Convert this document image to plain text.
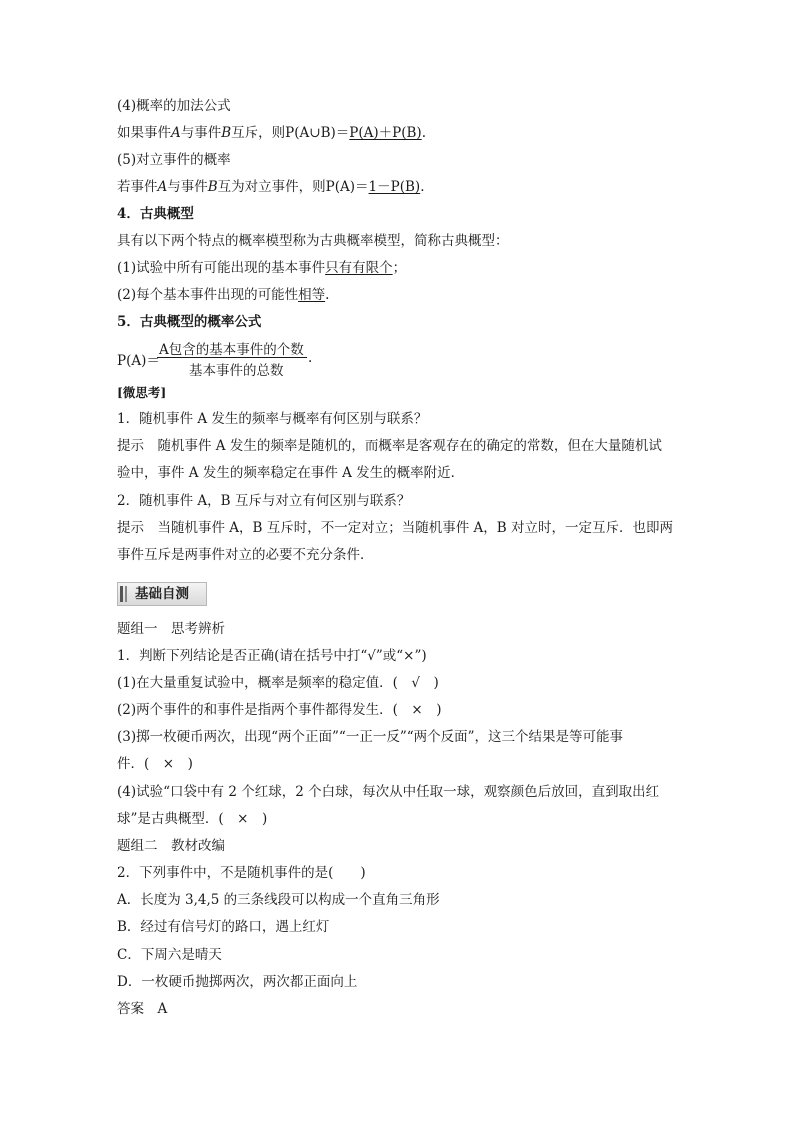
(4)概率的加法公式
如果事件A与事件B互斥，则P(A∪B)＝P(A)＋P(B).
(5)对立事件的概率
若事件A与事件B互为对立事件，则P(A)＝1－P(B).
4．古典概型
具有以下两个特点的概率模型称为古典概率模型，简称古典概型：
(1)试验中所有可能出现的基本事件只有有限个；
(2)每个基本事件出现的可能性相等.
5．古典概型的概率公式
P(A)＝
A包含的基本事件的个数
基本事件的总数
.
[微思考]
1．随机事件 A 发生的频率与概率有何区别与联系？
提示　随机事件 A 发生的频率是随机的，而概率是客观存在的确定的常数，但在大量随机试
验中，事件 A 发生的频率稳定在事件 A 发生的概率附近．
2．随机事件 A，B 互斥与对立有何区别与联系？
提示　当随机事件 A，B 互斥时，不一定对立；当随机事件 A，B 对立时，一定互斥．也即两
事件互斥是两事件对立的必要不充分条件．
基础自测
题组一　思考辨析
1．判断下列结论是否正确(请在括号中打“√”或“×”)
(1)在大量重复试验中，概率是频率的稳定值．(　√　)
(2)两个事件的和事件是指两个事件都得发生．(　×　)
(3)掷一枚硬币两次，出现“两个正面”“一正一反”“两个反面”，这三个结果是等可能事
件．(　×　)
(4)试验“口袋中有 2 个红球，2 个白球，每次从中任取一球，观察颜色后放回，直到取出红
球”是古典概型．(　×　)
题组二　教材改编
2．下列事件中，不是随机事件的是(　　)
A．长度为 3,4,5 的三条线段可以构成一个直角三角形
B．经过有信号灯的路口，遇上红灯
C．下周六是晴天
D．一枚硬币抛掷两次，两次都正面向上
答案　A
